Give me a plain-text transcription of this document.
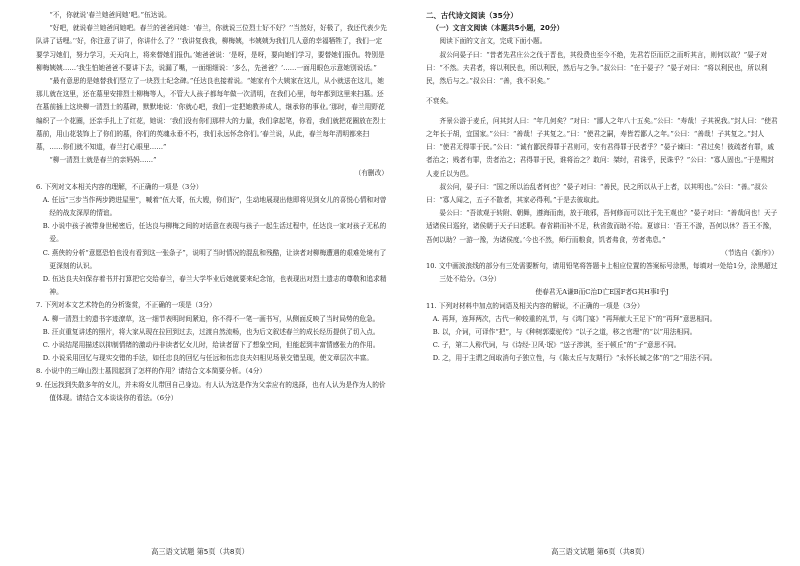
“不，你就说‘春兰她爸问她’吧。”伍达说。

“好吧，就说春兰她爸问她吧。春兰的爸爸问她：‘春兰，你就说三位烈士好不好？’‘当然好，好极了，我还代表少先队讲了话哩。’‘好，你注意了讲了，你讲什么了？’‘我讲复我我，柳梅姨，韦姨姨为我们几人意的幸福牺牲了，我们一定要学习她们，努力学习，天天向上，将来替她们报仇。’她爸爸说：‘是呀，是呀，要向她们学习，要替她们报仇。特别是柳梅姨姨……’我生怕她爸爸不要讲下去，说漏了嘴，一面细细说：‘多么，先爸爸？’……一面用眼色示意她别说话。”

“最有意思的是她替我们竖立了一块烈士纪念碑。”任达良也接着说。“她家有个大姨家在这儿，从小就送在这儿，她那儿就在这里，还在墓里安排烈士柳梅等人，不管大人孩子都每年做一次清明，在我们心里，每年都到这里来扫墓。还在墓前插上这块柳一清烈士的墓碑，默默地说：‘你就心吧，我们一定把她教养成人，继承你的事业。’那时，春兰用野花编织了一个花圈，还亲手扎上了红花，她说：‘我们没有你们那样大的力量，我们拿起笔，你看，我们就把花圈放在烈士墓前，用山花装饰上了你们的墓，你们的英魂永垂不朽，我们永远怀念你们。’春兰说，从此，春兰每年清明都来扫墓，……你们就不知道，春兰打心眼里……”

“柳一清烈士就是春兰的亲妈妈……”

（有删改）

6. 下列对文本相关内容的理解，不正确的一项是（3分）

A. 任远“三步当作两步跨进屋里”，喊着“伍大哥，伍大嫂，你们好”，生动地展现出他即将见到女儿的喜悦心情和对曾经的战友深厚的情谊。

B. 小说中孩子被带身世秘密后，任达良与柳梅之间的对话意在表现与孩子一起生活过程中，任达良一家对孩子无私的爱。

C. 燕侠的分析“意愿恐怕也没有看到这一张条子”，说明了当时情况的混乱和残酷，让读者对柳梅遭遇的艰难处境有了更深刻的认识。

D. 伍达良夫妇保存着书并打算把它交给春兰，春兰大学毕业后她就要来纪念馆，也表现出对烈士遗志的尊敬和追求精神。

7. 下列对本文艺术特色的分析鉴赏，不正确的一项是（3分）

A. 柳一清烈士的遗书字迹潦草，这一细节表明时间紧迫，你不得不一笔一画书写，从侧面反映了当时局势的危急。

B. 汪贞重复讲述的照片，将大家从现在拉回到过去，过渡自然流畅，也为后文叙述春兰的成长经历提供了切入点。

C. 小说结尾用描述以抑制情绪的激动丹非读者忆女儿时，给读者留下了想象空间，但能起到丰富情感张力的作用。

D. 小说采用回忆与现实交错的手法，如任忠良的回忆与任远和伍忠良夫妇相见场景交错呈现，使文章层次丰富。

8. 小说中的三峰山烈士墓园起到了怎样的作用？请结合文本简要分析。（4分）

9. 任远找到失散多年的女儿，并未将女儿带回自己身边。有人认为这是作为父亲应有的选择，也有人认为是作为人的价值体现。请结合文本谈谈你的看法。（6分）

高三语文试题 第5页（共8页）

二、古代诗文阅读（35分）

（一）文言文阅读（本题共5小题，20分）

阅读下面的文言文，完成下面小题。

叔公问晏子曰：“昔者先君庄公之伐于晋也，其役费也至今不绝，先君若臣而臣之而听其言，则何以故？”晏子对曰：“不然。夫君者，将以利民也，所以利民，然后与之争。”叔公曰：“在于晏子？”晏子对曰：“将以利民也，所以利民，然后与之。”叔公曰：“善，我不识矣。”

不衰矣。

齐景公游于麦丘，问其封人曰：“年几何矣？”对曰：“鄙人之年八十五矣。”公曰：“寿哉！子其祝我。”封人曰：“使君之年长于胡，宜国家。”公曰：“善哉！子其复之。”曰：“使君之嗣，寿皆若鄙人之年。”公曰：“善哉！子其复之。”封人曰：“使君无得罪于民。”公曰：“诚有鄙民得罪于君则可，安有君得罪于民者乎？”晏子谏曰：“君过矣！彼疏者有罪，戚者治之；贱者有罪，贵者治之；君得罪于民，谁将治之？敢问：桀纣，君诛乎，民诛乎？”公曰：“寡人固也。”于是赐封人麦丘以为邑。

叔公问，晏子曰：“国之所以治乱者何也？”晏子对曰：“善民，民之所以从于上者，以其明也。”公曰：“善。”叔公曰：“寡人闻之，五子不散者，其家必得利。”于是去彼取此。

晏公曰：“吾欲观于转附、朝舞，遵海而南，放于琅邪，吾何修而可以比于先王观也？”晏子对曰：“善哉问也！天子适诸侯曰巡狩，诸侯朝于天子曰述职。春省耕而补不足，秋省敛而助不给。夏谚曰：‘吾王不游，吾何以休？吾王不豫，吾何以助？一游一豫，为诸侯度。’今也不然，师行而粮食，饥者弗食，劳者弗息。”

（节选自《新序》）

10. 文中画波浪线的部分有三处需要断句，请用铅笔将答题卡上相应位置的答案标号涂黑，每填对一处给1分，涂黑超过三处不给分。（3分）

使春君无A谦B而C治D亡E国F者G其H事I乎J

11. 下列对材料中加点的词语及相关内容的解说，不正确的一项是（3分）

A. 再拜，连拜两次，古代一种较重的礼节，与《鸿门宴》“再拜献大王足下”的“再拜”意思相同。

B. 以，介词，可译作“把”，与《种树郭橐驼传》“以子之道，移之官理”的“以”用法相同。

C. 子，第二人称代词，与《诗经·卫风·氓》“送子涉淇，至于顿丘”的“子”意思不同。

D. 之，用于主谓之间取消句子独立性，与《陈太丘与友期行》“永怀长缄之体”的“之”用法不同。

高三语文试题 第6页（共8页）
